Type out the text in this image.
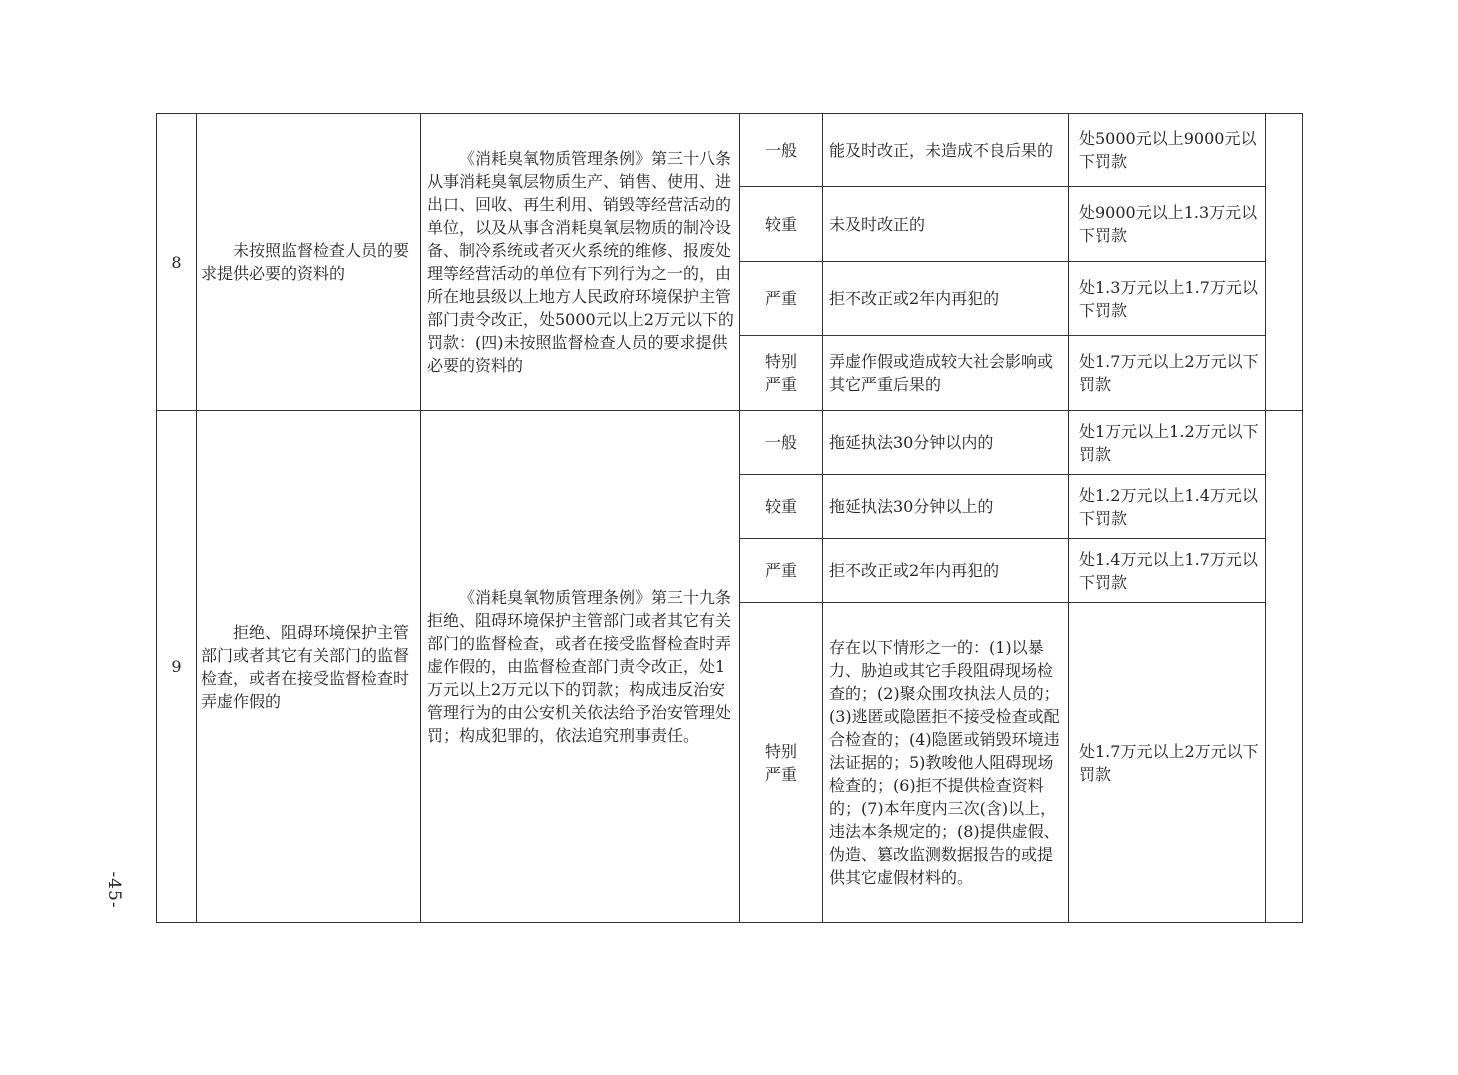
-45-
8	未按照监督检查人员的要求提供必要的资料的	《消耗臭氧物质管理条例》第三十八条　从事消耗臭氧层物质生产、销售、使用、进出口、回收、再生利用、销毁等经营活动的单位，以及从事含消耗臭氧层物质的制冷设备、制冷系统或者灭火系统的维修、报废处理等经营活动的单位有下列行为之一的，由所在地县级以上地方人民政府环境保护主管部门责令改正，处5000元以上2万元以下的罚款：(四)未按照监督检查人员的要求提供必要的资料的	一般	能及时改正，未造成不良后果的	处5000元以上9000元以下罚款	

			较重	未及时改正的	处9000元以上1.3万元以下罚款	

			严重	拒不改正或2年内再犯的	处1.3万元以上1.7万元以下罚款	

			特别严重	弄虚作假或造成较大社会影响或其它严重后果的	处1.7万元以上2万元以下罚款	

9	拒绝、阻碍环境保护主管部门或者其它有关部门的监督检查，或者在接受监督检查时弄虚作假的	《消耗臭氧物质管理条例》第三十九条　拒绝、阻碍环境保护主管部门或者其它有关部门的监督检查，或者在接受监督检查时弄虚作假的，由监督检查部门责令改正，处1万元以上2万元以下的罚款；构成违反治安管理行为的由公安机关依法给予治安管理处罚；构成犯罪的，依法追究刑事责任。	一般	拖延执法30分钟以内的	处1万元以上1.2万元以下罚款	

			较重	拖延执法30分钟以上的	处1.2万元以上1.4万元以下罚款	

			严重	拒不改正或2年内再犯的	处1.4万元以上1.7万元以下罚款	

			特别严重	存在以下情形之一的：(1)以暴力、胁迫或其它手段阻碍现场检查的；(2)聚众围攻执法人员的；(3)逃匿或隐匿拒不接受检查或配合检查的；(4)隐匿或销毁环境违法证据的；5)教唆他人阻碍现场检查的；(6)拒不提供检查资料的；(7)本年度内三次(含)以上，违法本条规定的；(8)提供虚假、伪造、篡改监测数据报告的或提供其它虚假材料的。	处1.7万元以上2万元以下罚款	
